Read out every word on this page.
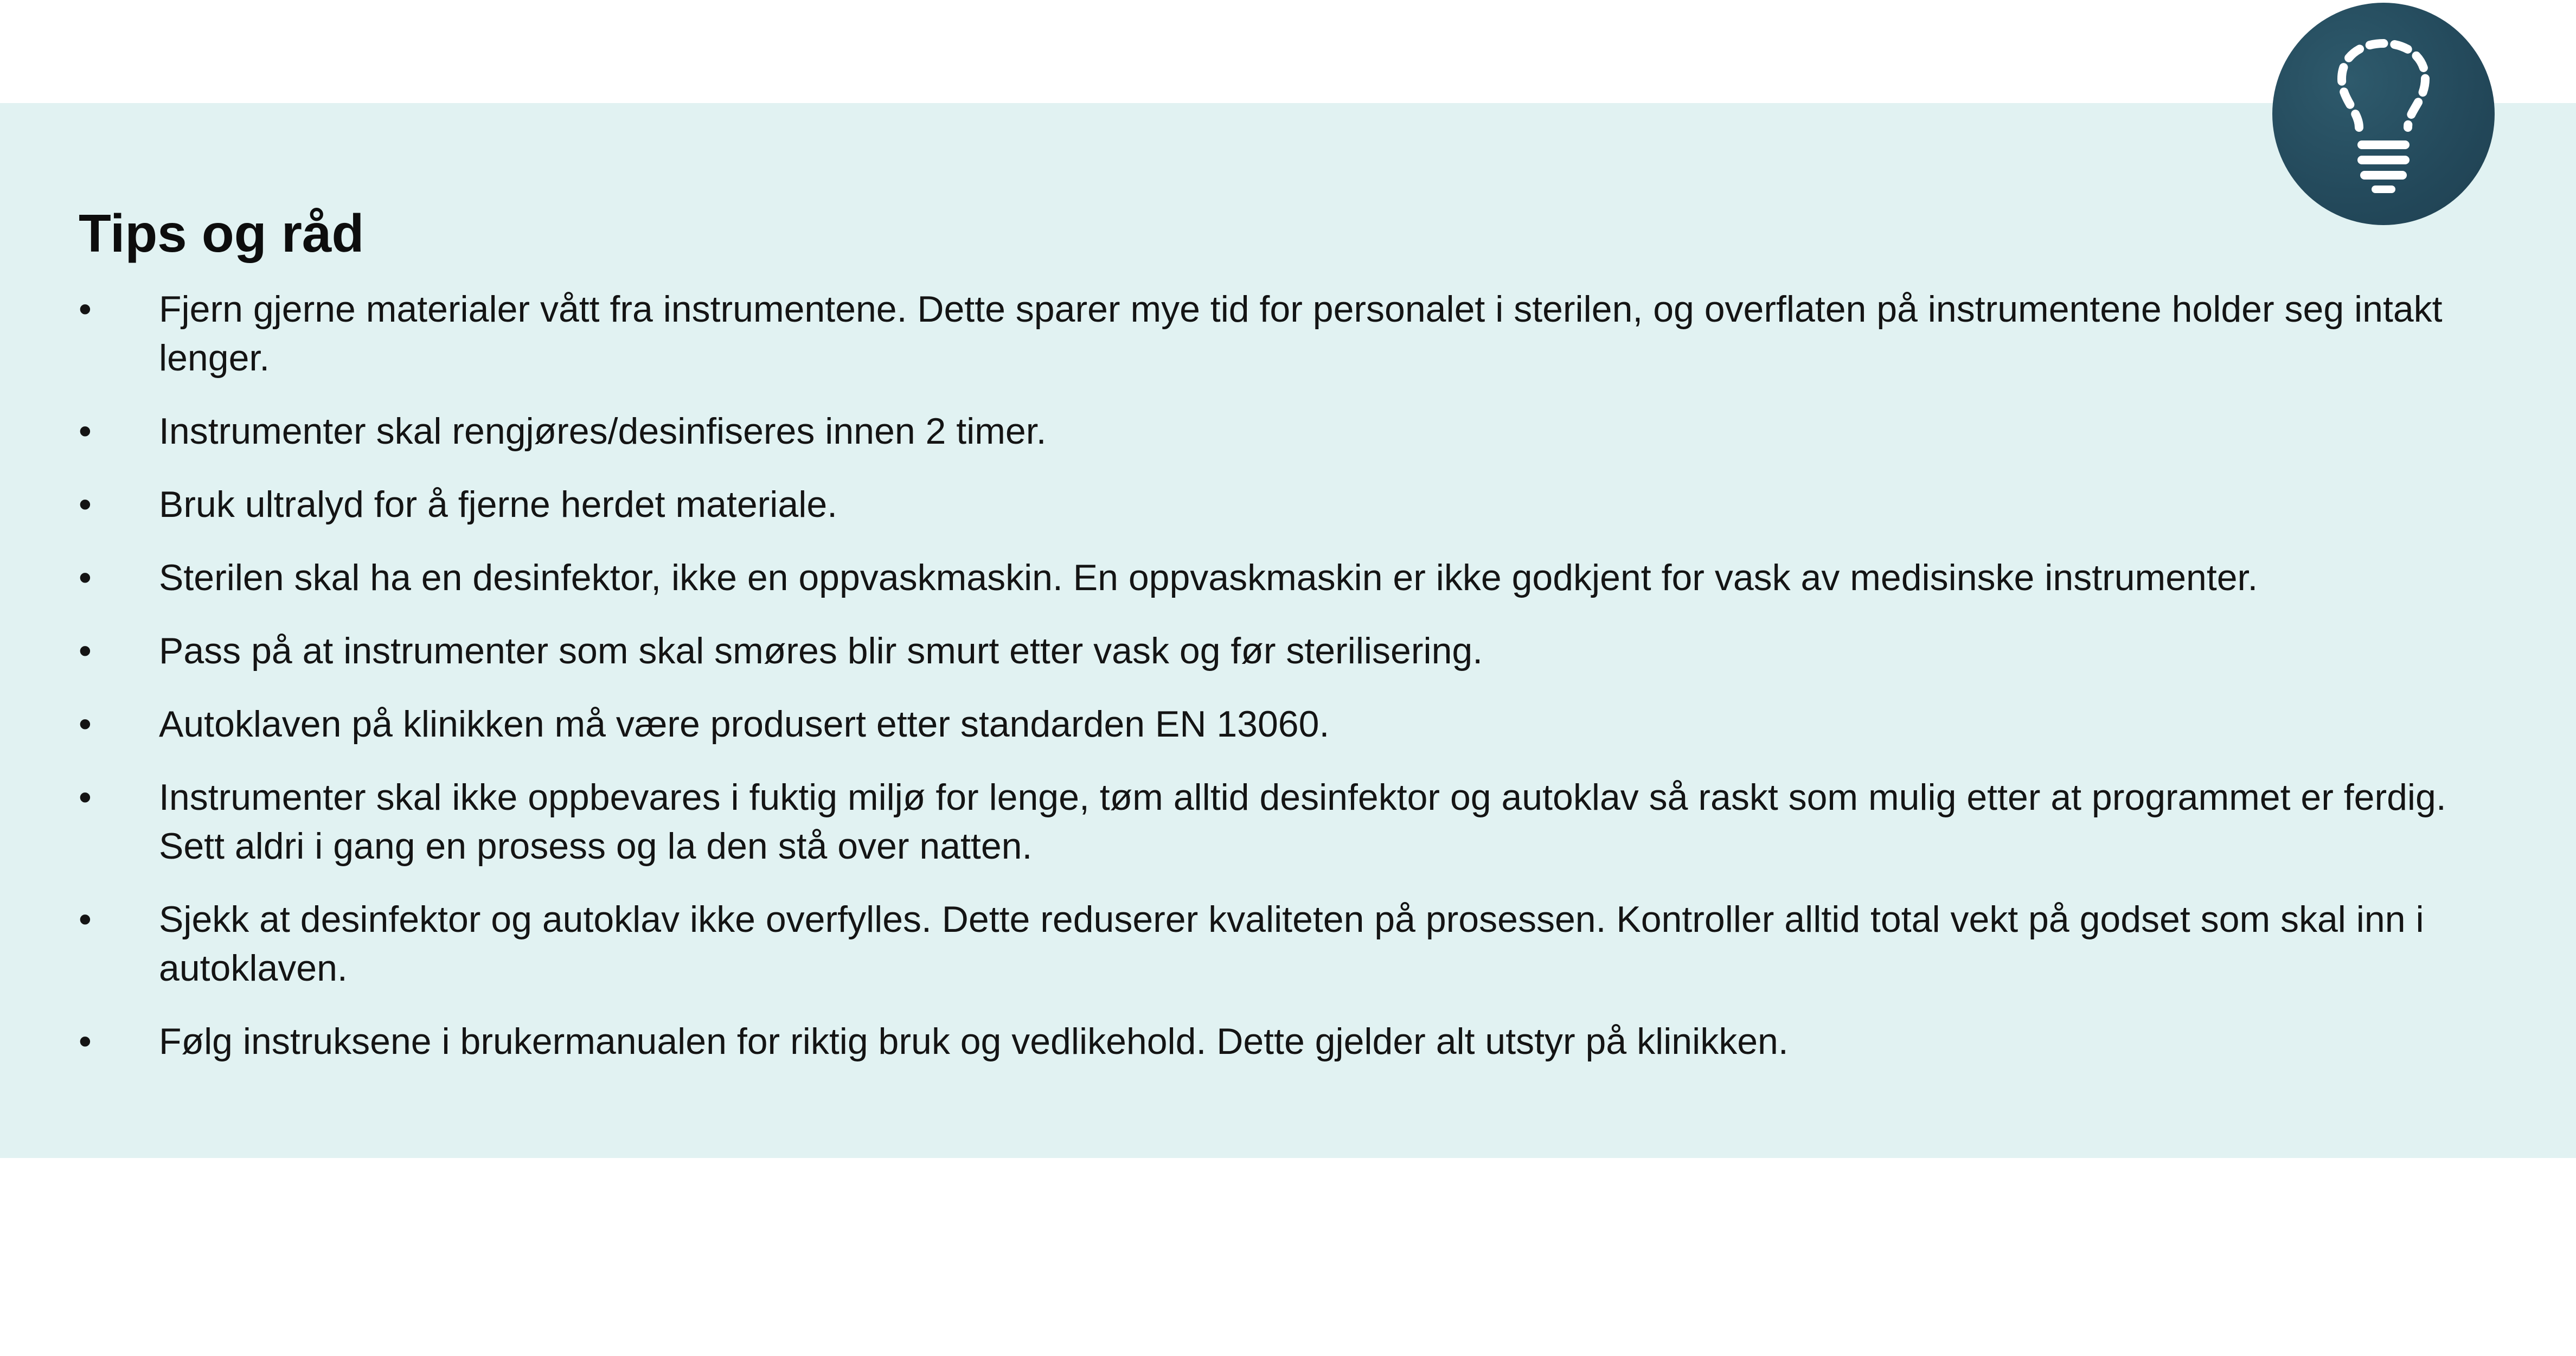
Tips og råd
• Fjern gjerne materialer vått fra instrumentene. Dette sparer mye tid for personalet i sterilen, og overflaten på instrumentene holder seg intakt lenger.
• Instrumenter skal rengjøres/desinfiseres innen 2 timer.
• Bruk ultralyd for å fjerne herdet materiale.
• Sterilen skal ha en desinfektor, ikke en oppvaskmaskin. En oppvaskmaskin er ikke godkjent for vask av medisinske instrumenter.
• Pass på at instrumenter som skal smøres blir smurt etter vask og før sterilisering.
• Autoklaven på klinikken må være produsert etter standarden EN 13060.
• Instrumenter skal ikke oppbevares i fuktig miljø for lenge, tøm alltid desinfektor og autoklav så raskt som mulig etter at programmet er ferdig. Sett aldri i gang en prosess og la den stå over natten.
• Sjekk at desinfektor og autoklav ikke overfylles. Dette reduserer kvaliteten på prosessen. Kontroller alltid total vekt på godset som skal inn i autoklaven.
• Følg instruksene i brukermanualen for riktig bruk og vedlikehold. Dette gjelder alt utstyr på klinikken.
